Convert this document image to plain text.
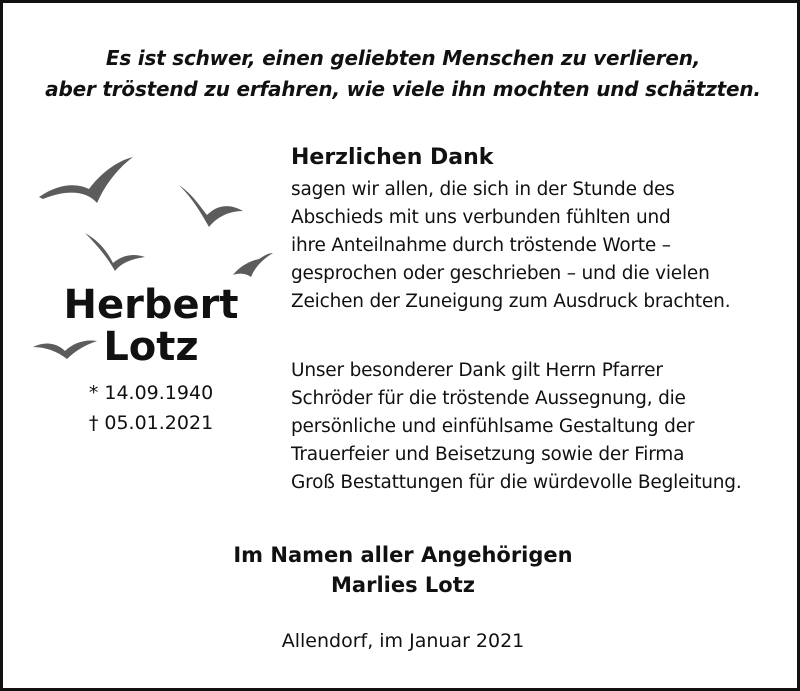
Es ist schwer, einen geliebten Menschen zu verlieren,
aber tröstend zu erfahren, wie viele ihn mochten und schätzten.
Herbert
Lotz
* 14.09.1940
† 05.01.2021
Herzlichen Dank
sagen wir allen, die sich in der Stunde des
Abschieds mit uns verbunden fühlten und
ihre Anteilnahme durch tröstende Worte –
gesprochen oder geschrieben – und die vielen
Zeichen der Zuneigung zum Ausdruck brachten.
Unser besonderer Dank gilt Herrn Pfarrer
Schröder für die tröstende Aussegnung, die
persönliche und einfühlsame Gestaltung der
Trauerfeier und Beisetzung sowie der Firma
Groß Bestattungen für die würdevolle Begleitung.
Im Namen aller Angehörigen
Marlies Lotz
Allendorf, im Januar 2021
